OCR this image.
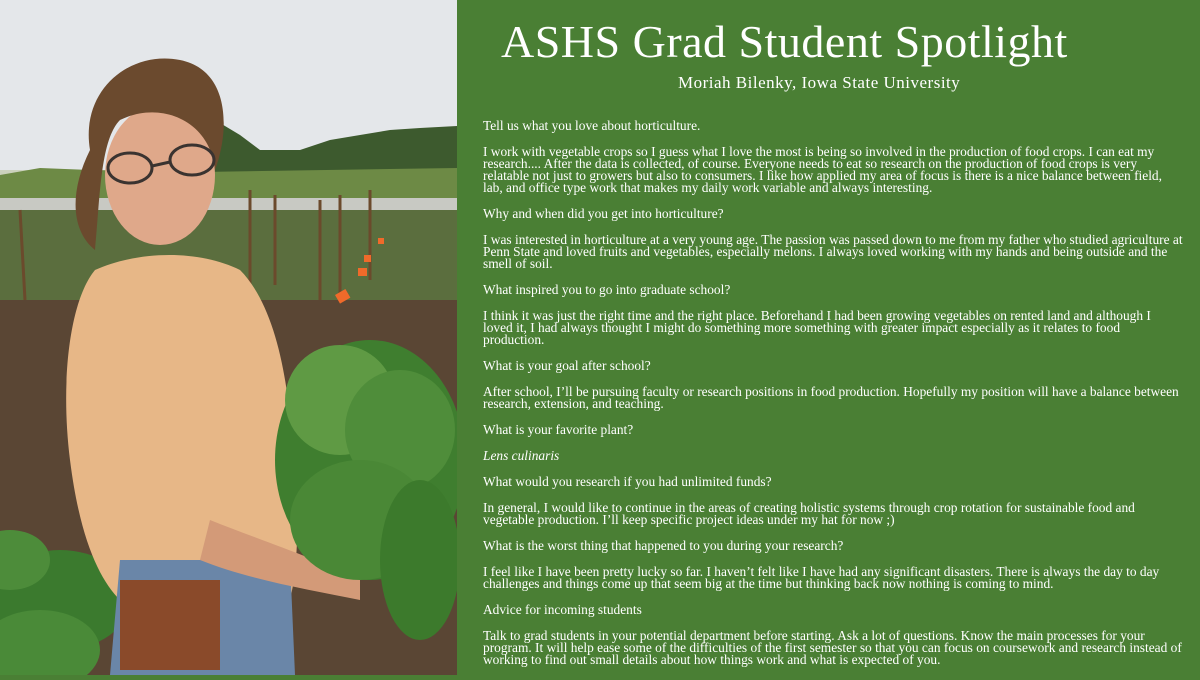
ASHS Grad Student Spotlight
Moriah Bilenky, Iowa State University

Tell us what you love about horticulture.

I work with vegetable crops so I guess what I love the most is being so involved in the production of food crops. I can eat my research.... After the data is collected, of course. Everyone needs to eat so research on the production of food crops is very relatable not just to growers but also to consumers. I like how applied my area of focus is there is a nice balance between field, lab, and office type work that makes my daily work variable and always interesting.

Why and when did you get into horticulture?

I was interested in horticulture at a very young age. The passion was passed down to me from my father who studied agriculture at Penn State and loved fruits and vegetables, especially melons. I always loved working with my hands and being outside and the smell of soil.

What inspired you to go into graduate school?

I think it was just the right time and the right place. Beforehand I had been growing vegetables on rented land and although I loved it, I had always thought I might do something more something with greater impact especially as it relates to food production.

What is your goal after school?

After school, I’ll be pursuing faculty or research positions in food production. Hopefully my position will have a balance between research, extension, and teaching.

What is your favorite plant?

Lens culinaris

What would you research if you had unlimited funds?

In general, I would like to continue in the areas of creating holistic systems through crop rotation for sustainable food and vegetable production. I’ll keep specific project ideas under my hat for now ;)

What is the worst thing that happened to you during your research?

I feel like I have been pretty lucky so far. I haven’t felt like I have had any significant disasters. There is always the day to day challenges and things come up that seem big at the time but thinking back now nothing is coming to mind.

Advice for incoming students

Talk to grad students in your potential department before starting. Ask a lot of questions. Know the main processes for your program. It will help ease some of the difficulties of the first semester so that you can focus on coursework and research instead of working to find out small details about how things work and what is expected of you.
